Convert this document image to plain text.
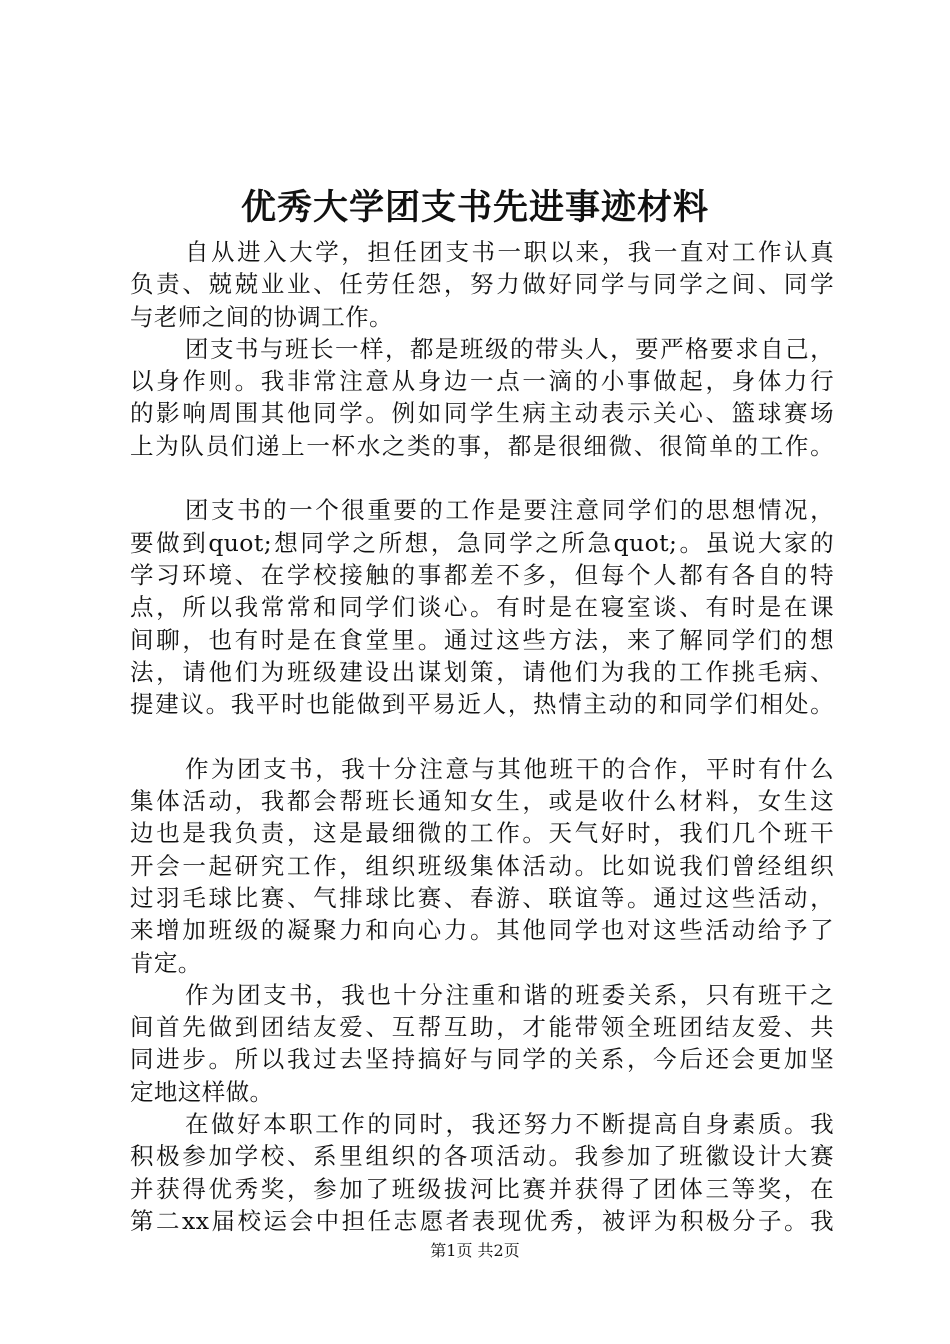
优秀大学团支书先进事迹材料
自从进入大学，担任团支书一职以来，我一直对工作认真
负责、兢兢业业、任劳任怨，努力做好同学与同学之间、同学
与老师之间的协调工作。
团支书与班长一样，都是班级的带头人，要严格要求自己，
以身作则。我非常注意从身边一点一滴的小事做起，身体力行
的影响周围其他同学。例如同学生病主动表示关心、篮球赛场
上为队员们递上一杯水之类的事，都是很细微、很简单的工作。
团支书的一个很重要的工作是要注意同学们的思想情况，
要做到quot;想同学之所想，急同学之所急quot;。虽说大家的
学习环境、在学校接触的事都差不多，但每个人都有各自的特
点，所以我常常和同学们谈心。有时是在寝室谈、有时是在课
间聊，也有时是在食堂里。通过这些方法，来了解同学们的想
法，请他们为班级建设出谋划策，请他们为我的工作挑毛病、
提建议。我平时也能做到平易近人，热情主动的和同学们相处。
作为团支书，我十分注意与其他班干的合作，平时有什么
集体活动，我都会帮班长通知女生，或是收什么材料，女生这
边也是我负责，这是最细微的工作。天气好时，我们几个班干
开会一起研究工作，组织班级集体活动。比如说我们曾经组织
过羽毛球比赛、气排球比赛、春游、联谊等。通过这些活动，
来增加班级的凝聚力和向心力。其他同学也对这些活动给予了
肯定。
作为团支书，我也十分注重和谐的班委关系，只有班干之
间首先做到团结友爱、互帮互助，才能带领全班团结友爱、共
同进步。所以我过去坚持搞好与同学的关系，今后还会更加坚
定地这样做。
在做好本职工作的同时，我还努力不断提高自身素质。我
积极参加学校、系里组织的各项活动。我参加了班徽设计大赛
并获得优秀奖，参加了班级拔河比赛并获得了团体三等奖，在
第二xx届校运会中担任志愿者表现优秀，被评为积极分子。我
第1页 共2页
